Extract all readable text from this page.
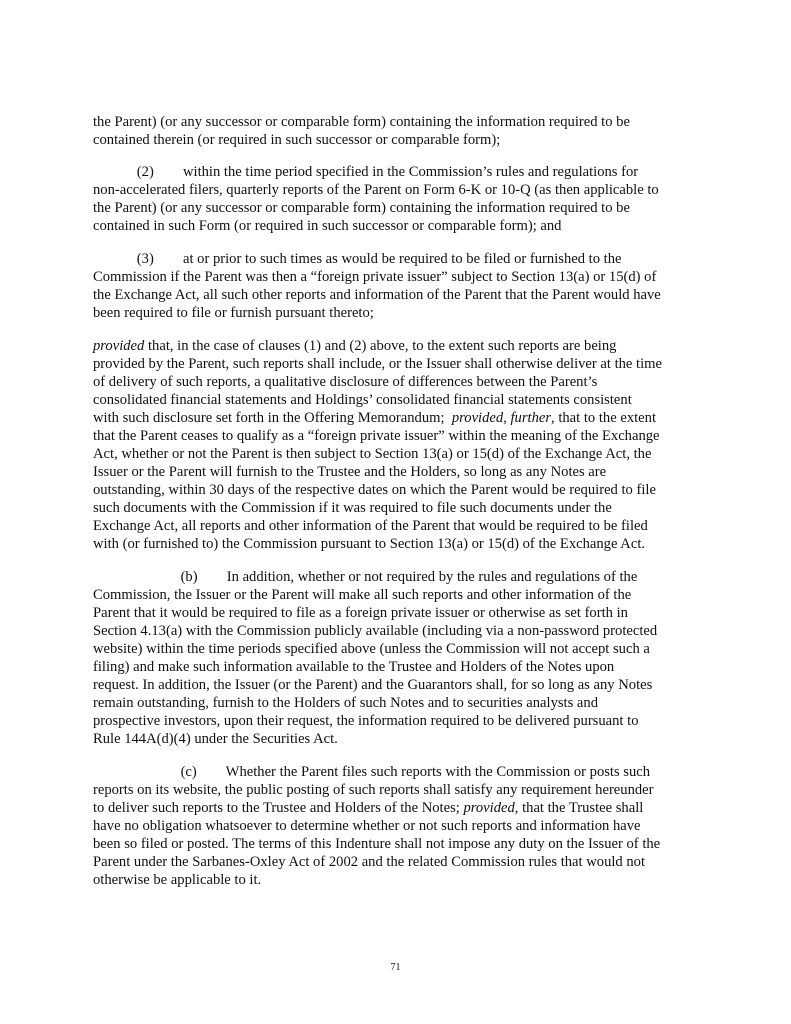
the Parent) (or any successor or comparable form) containing the information required to be
contained therein (or required in such successor or comparable form);
(2)        within the time period specified in the Commission’s rules and regulations for
non-accelerated filers, quarterly reports of the Parent on Form 6-K or 10-Q (as then applicable to
the Parent) (or any successor or comparable form) containing the information required to be
contained in such Form (or required in such successor or comparable form); and
(3)        at or prior to such times as would be required to be filed or furnished to the
Commission if the Parent was then a “foreign private issuer” subject to Section 13(a) or 15(d) of
the Exchange Act, all such other reports and information of the Parent that the Parent would have
been required to file or furnish pursuant thereto;
provided that, in the case of clauses (1) and (2) above, to the extent such reports are being
provided by the Parent, such reports shall include, or the Issuer shall otherwise deliver at the time
of delivery of such reports, a qualitative disclosure of differences between the Parent’s
consolidated financial statements and Holdings’ consolidated financial statements consistent
with such disclosure set forth in the Offering Memorandum;  provided, further, that to the extent
that the Parent ceases to qualify as a “foreign private issuer” within the meaning of the Exchange
Act, whether or not the Parent is then subject to Section 13(a) or 15(d) of the Exchange Act, the
Issuer or the Parent will furnish to the Trustee and the Holders, so long as any Notes are
outstanding, within 30 days of the respective dates on which the Parent would be required to file
such documents with the Commission if it was required to file such documents under the
Exchange Act, all reports and other information of the Parent that would be required to be filed
with (or furnished to) the Commission pursuant to Section 13(a) or 15(d) of the Exchange Act.
(b)        In addition, whether or not required by the rules and regulations of the
Commission, the Issuer or the Parent will make all such reports and other information of the
Parent that it would be required to file as a foreign private issuer or otherwise as set forth in
Section 4.13(a) with the Commission publicly available (including via a non-password protected
website) within the time periods specified above (unless the Commission will not accept such a
filing) and make such information available to the Trustee and Holders of the Notes upon
request. In addition, the Issuer (or the Parent) and the Guarantors shall, for so long as any Notes
remain outstanding, furnish to the Holders of such Notes and to securities analysts and
prospective investors, upon their request, the information required to be delivered pursuant to
Rule 144A(d)(4) under the Securities Act.
(c)        Whether the Parent files such reports with the Commission or posts such
reports on its website, the public posting of such reports shall satisfy any requirement hereunder
to deliver such reports to the Trustee and Holders of the Notes; provided, that the Trustee shall
have no obligation whatsoever to determine whether or not such reports and information have
been so filed or posted. The terms of this Indenture shall not impose any duty on the Issuer of the
Parent under the Sarbanes-Oxley Act of 2002 and the related Commission rules that would not
otherwise be applicable to it.
71
